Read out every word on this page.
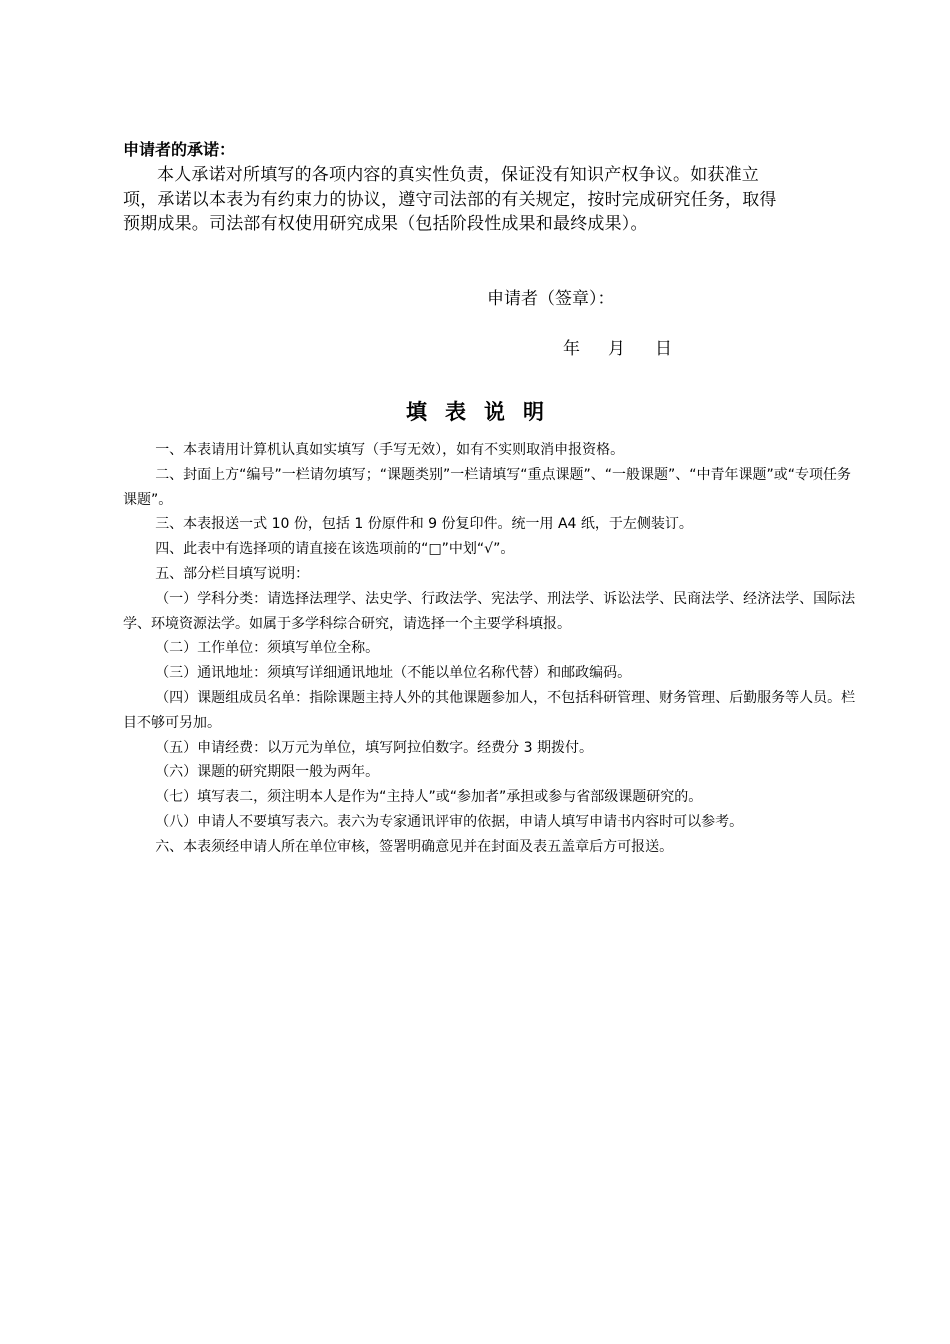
申请者的承诺：

本人承诺对所填写的各项内容的真实性负责，保证没有知识产权争议。如获准立项，承诺以本表为有约束力的协议，遵守司法部的有关规定，按时完成研究任务，取得预期成果。司法部有权使用研究成果（包括阶段性成果和最终成果）。

申请者（签章）：
年 月 日
填表说明
一、本表请用计算机认真如实填写（手写无效），如有不实则取消申报资格。
二、封面上方“编号”一栏请勿填写；“课题类别”一栏请填写“重点课题”、“一般课题”、“中青年课题”或“专项任务课题”。
三、本表报送一式 10 份，包括 1 份原件和 9 份复印件。统一用 A4 纸，于左侧装订。
四、此表中有选择项的请直接在该选项前的“□”中划“√”。
五、部分栏目填写说明：
（一）学科分类：请选择法理学、法史学、行政法学、宪法学、刑法学、诉讼法学、民商法学、经济法学、国际法学、环境资源法学。如属于多学科综合研究，请选择一个主要学科填报。
（二）工作单位：须填写单位全称。
（三）通讯地址：须填写详细通讯地址（不能以单位名称代替）和邮政编码。
（四）课题组成员名单：指除课题主持人外的其他课题参加人，不包括科研管理、财务管理、后勤服务等人员。栏目不够可另加。
（五）申请经费：以万元为单位，填写阿拉伯数字。经费分 3 期拨付。
（六）课题的研究期限一般为两年。
（七）填写表二，须注明本人是作为“主持人”或“参加者”承担或参与省部级课题研究的。
（八）申请人不要填写表六。表六为专家通讯评审的依据，申请人填写申请书内容时可以参考。
六、本表须经申请人所在单位审核，签署明确意见并在封面及表五盖章后方可报送。
